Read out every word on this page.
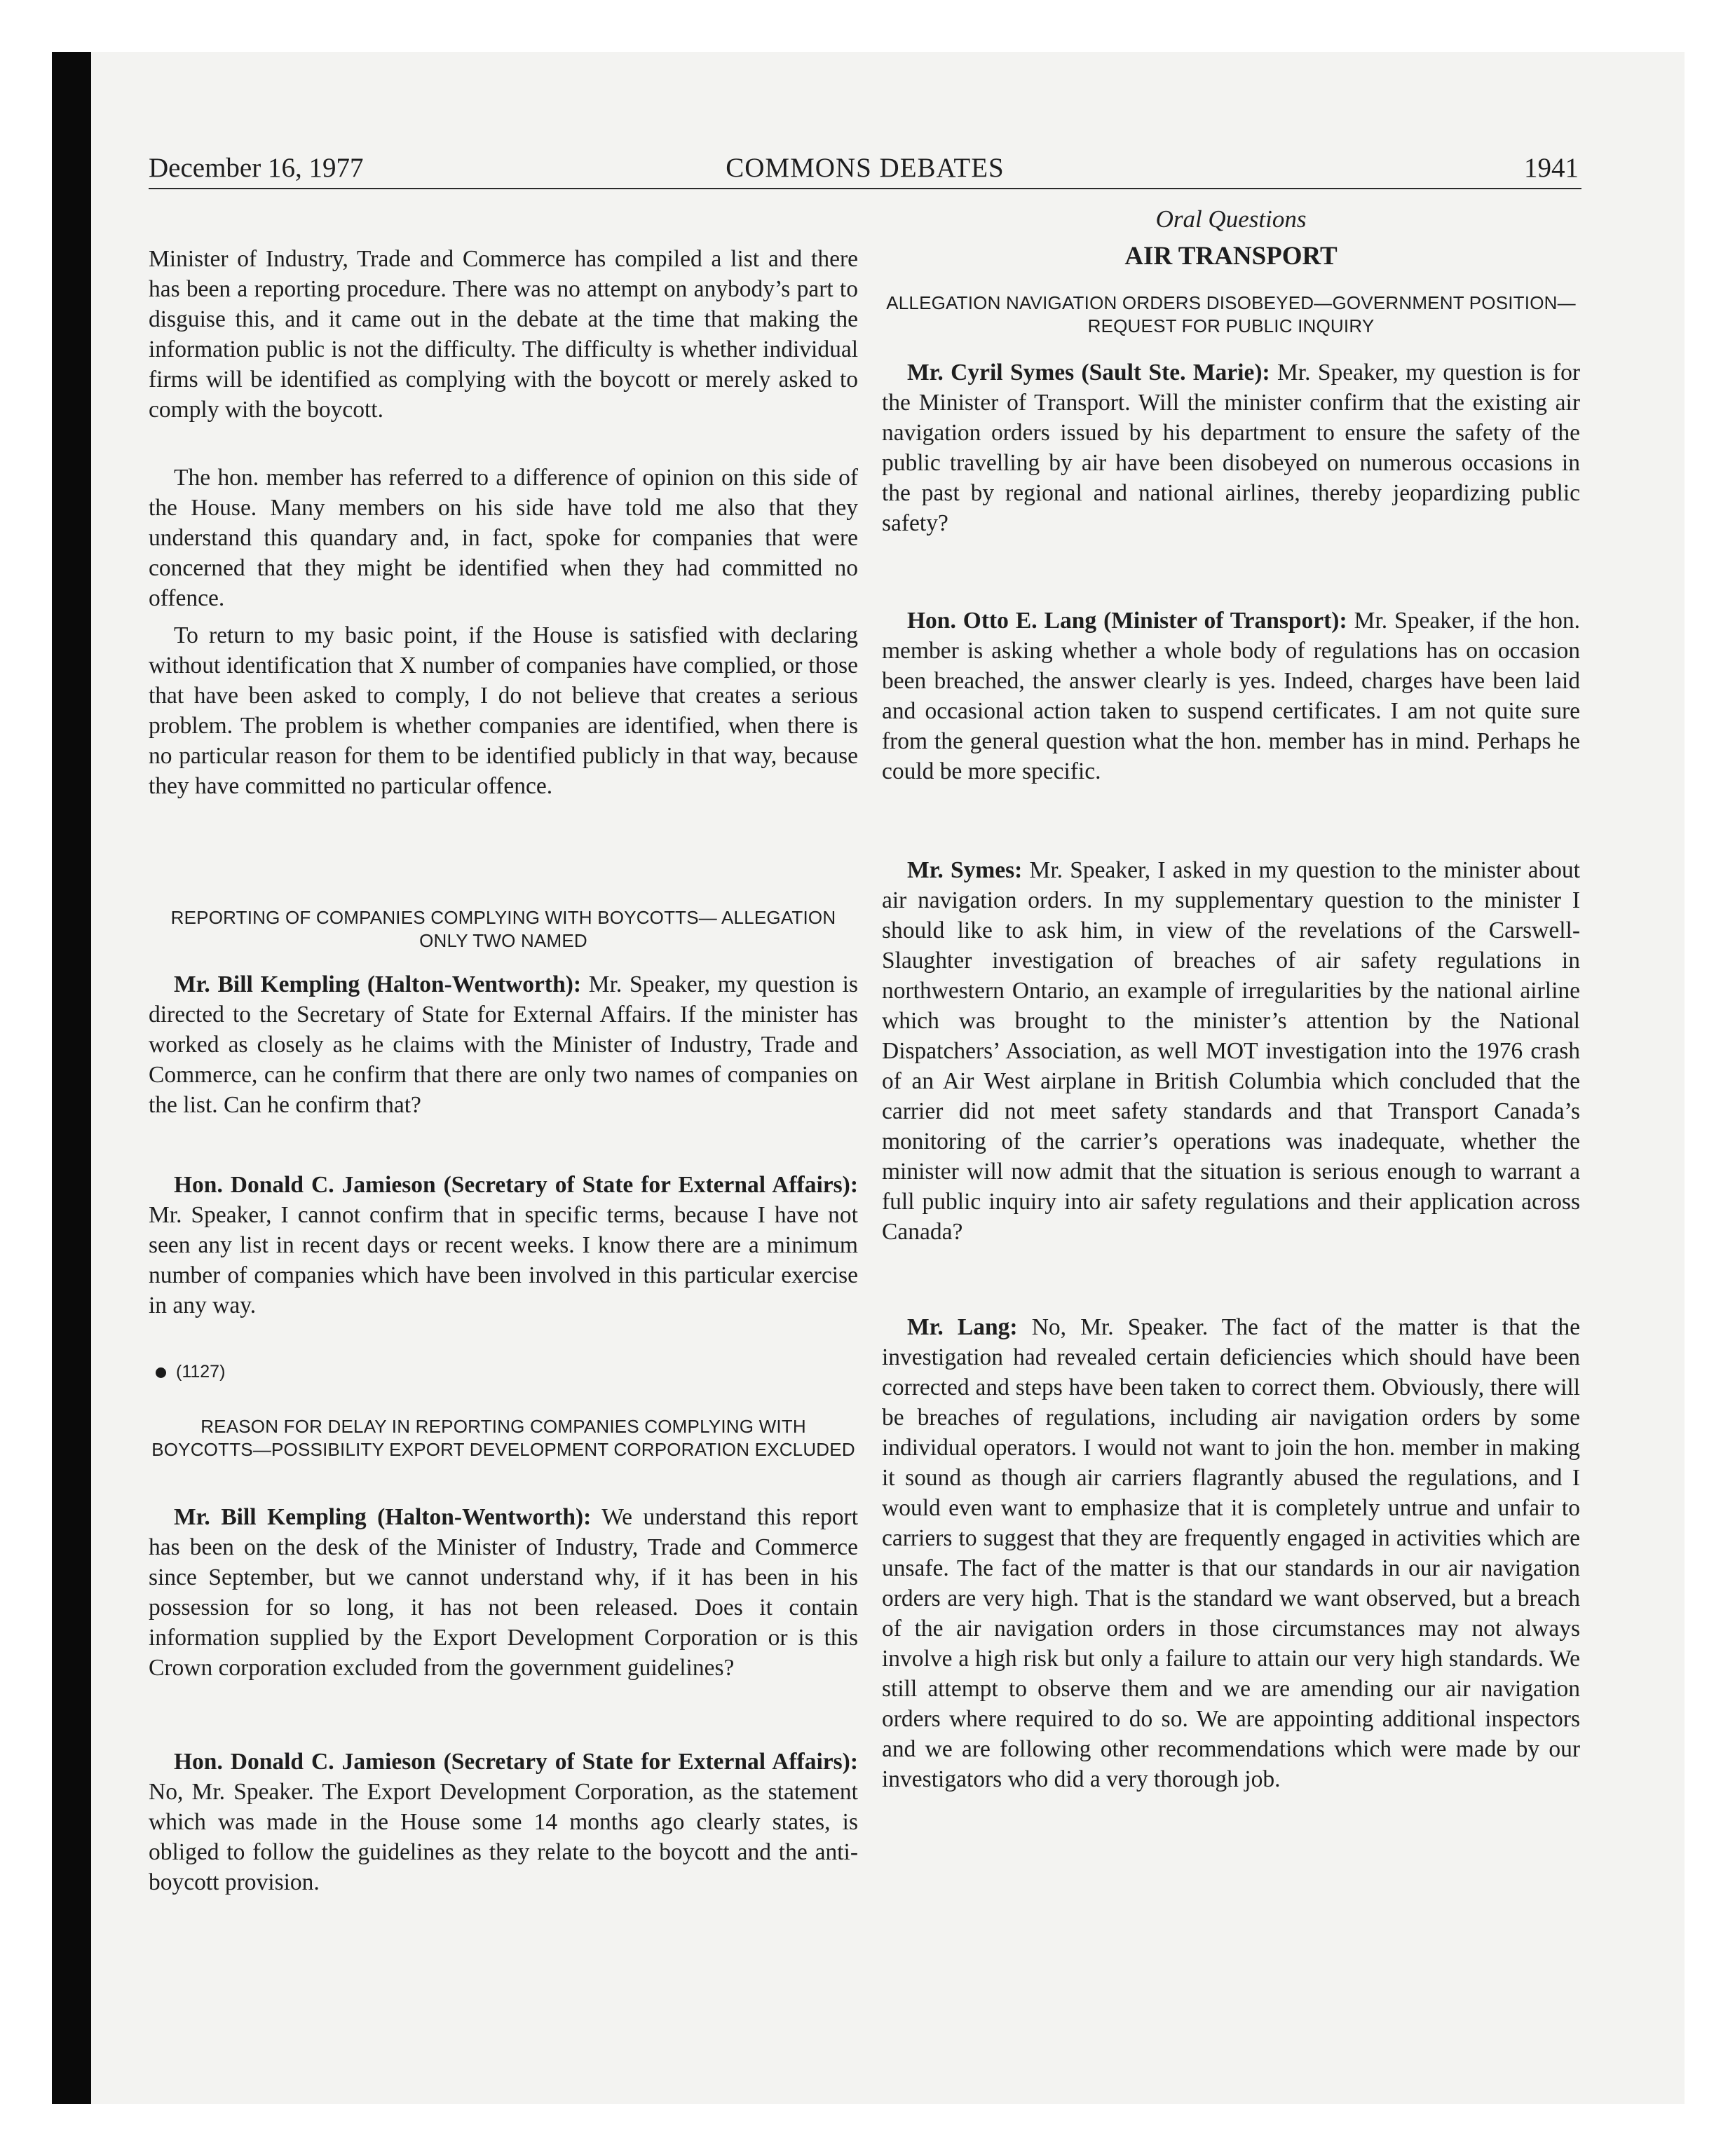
December 16, 1977	COMMONS DEBATES	1941

Minister of Industry, Trade and Commerce has compiled a list and there has been a reporting procedure. There was no attempt on anybody’s part to disguise this, and it came out in the debate at the time that making the information public is not the difficulty. The difficulty is whether individual firms will be identified as complying with the boycott or merely asked to comply with the boycott.

The hon. member has referred to a difference of opinion on this side of the House. Many members on his side have told me also that they understand this quandary and, in fact, spoke for companies that were concerned that they might be identified when they had committed no offence.

To return to my basic point, if the House is satisfied with declaring without identification that X number of companies have complied, or those that have been asked to comply, I do not believe that creates a serious problem. The problem is whether companies are identified, when there is no particular reason for them to be identified publicly in that way, because they have committed no particular offence.

REPORTING OF COMPANIES COMPLYING WITH BOYCOTTS— ALLEGATION ONLY TWO NAMED

Mr. Bill Kempling (Halton-Wentworth): Mr. Speaker, my question is directed to the Secretary of State for External Affairs. If the minister has worked as closely as he claims with the Minister of Industry, Trade and Commerce, can he confirm that there are only two names of companies on the list. Can he confirm that?

Hon. Donald C. Jamieson (Secretary of State for External Affairs): Mr. Speaker, I cannot confirm that in specific terms, because I have not seen any list in recent days or recent weeks. I know there are a minimum number of companies which have been involved in this particular exercise in any way.

(1127)

REASON FOR DELAY IN REPORTING COMPANIES COMPLYING WITH BOYCOTTS—POSSIBILITY EXPORT DEVELOPMENT CORPORATION EXCLUDED

Mr. Bill Kempling (Halton-Wentworth): We understand this report has been on the desk of the Minister of Industry, Trade and Commerce since September, but we cannot understand why, if it has been in his possession for so long, it has not been released. Does it contain information supplied by the Export Development Corporation or is this Crown corporation excluded from the government guidelines?

Hon. Donald C. Jamieson (Secretary of State for External Affairs): No, Mr. Speaker. The Export Development Corporation, as the statement which was made in the House some 14 months ago clearly states, is obliged to follow the guidelines as they relate to the boycott and the anti-boycott provision.

Oral Questions

AIR TRANSPORT

ALLEGATION NAVIGATION ORDERS DISOBEYED—GOVERNMENT POSITION—REQUEST FOR PUBLIC INQUIRY

Mr. Cyril Symes (Sault Ste. Marie): Mr. Speaker, my question is for the Minister of Transport. Will the minister confirm that the existing air navigation orders issued by his department to ensure the safety of the public travelling by air have been disobeyed on numerous occasions in the past by regional and national airlines, thereby jeopardizing public safety?

Hon. Otto E. Lang (Minister of Transport): Mr. Speaker, if the hon. member is asking whether a whole body of regulations has on occasion been breached, the answer clearly is yes. Indeed, charges have been laid and occasional action taken to suspend certificates. I am not quite sure from the general question what the hon. member has in mind. Perhaps he could be more specific.

Mr. Symes: Mr. Speaker, I asked in my question to the minister about air navigation orders. In my supplementary question to the minister I should like to ask him, in view of the revelations of the Carswell-Slaughter investigation of breaches of air safety regulations in northwestern Ontario, an example of irregularities by the national airline which was brought to the minister’s attention by the National Dispatchers’ Association, as well MOT investigation into the 1976 crash of an Air West airplane in British Columbia which concluded that the carrier did not meet safety standards and that Transport Canada’s monitoring of the carrier’s operations was inadequate, whether the minister will now admit that the situation is serious enough to warrant a full public inquiry into air safety regulations and their application across Canada?

Mr. Lang: No, Mr. Speaker. The fact of the matter is that the investigation had revealed certain deficiencies which should have been corrected and steps have been taken to correct them. Obviously, there will be breaches of regulations, including air navigation orders by some individual operators. I would not want to join the hon. member in making it sound as though air carriers flagrantly abused the regulations, and I would even want to emphasize that it is completely untrue and unfair to carriers to suggest that they are frequently engaged in activities which are unsafe. The fact of the matter is that our standards in our air navigation orders are very high. That is the standard we want observed, but a breach of the air navigation orders in those circumstances may not always involve a high risk but only a failure to attain our very high standards. We still attempt to observe them and we are amending our air navigation orders where required to do so. We are appointing additional inspectors and we are following other recommendations which were made by our investigators who did a very thorough job.
